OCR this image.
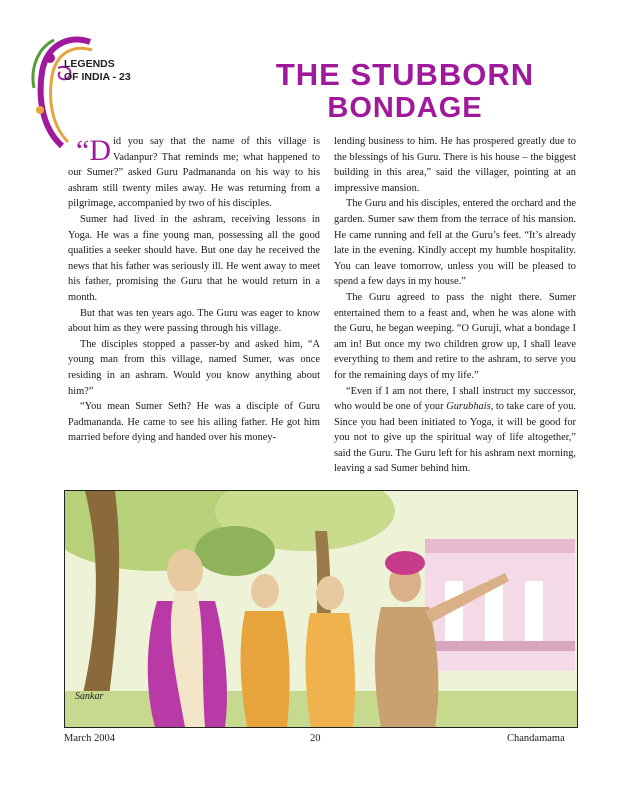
LEGENDS
OF INDIA - 23	THE STUBBORN
BONDAGE

“Did you say that the name of this village is Vadanpur? That reminds me; what happened to our Sumer?” asked Guru Padmananda on his way to his ashram still twenty miles away. He was returning from a pilgrimage, accompanied by two of his disciples.

Sumer had lived in the ashram, receiving lessons in Yoga. He was a fine young man, possessing all the good qualities a seeker should have. But one day he received the news that his father was seriously ill. He went away to meet his father, promising the Guru that he would return in a month.

But that was ten years ago. The Guru was eager to know about him as they were passing through his village.

The disciples stopped a passer-by and asked him, “A young man from this village, named Sumer, was once residing in an ashram. Would you know anything about him?”

“You mean Sumer Seth? He was a disciple of Guru Padmananda. He came to see his ailing father. He got him married before dying and handed over his money-

lending business to him. He has prospered greatly due to the blessings of his Guru. There is his house – the biggest building in this area,” said the villager, pointing at an impressive mansion.

The Guru and his disciples, entered the orchard and the garden. Sumer saw them from the terrace of his mansion. He came running and fell at the Guru’s feet. “It’s already late in the evening. Kindly accept my humble hospitality. You can leave tomorrow, unless you will be pleased to spend a few days in my house.”

The Guru agreed to pass the night there. Sumer entertained them to a feast and, when he was alone with the Guru, he began weeping. “O Guruji, what a bondage I am in! But once my two children grow up, I shall leave everything to them and retire to the ashram, to serve you for the remaining days of my life.”

“Even if I am not there, I shall instruct my successor, who would be one of your Gurubhais, to take care of you. Since you had been initiated to Yoga, it will be good for you not to give up the spiritual way of life altogether,” said the Guru. The Guru left for his ashram next morning, leaving a sad Sumer behind him.

Sankar
March 2004	20	Chandamama
